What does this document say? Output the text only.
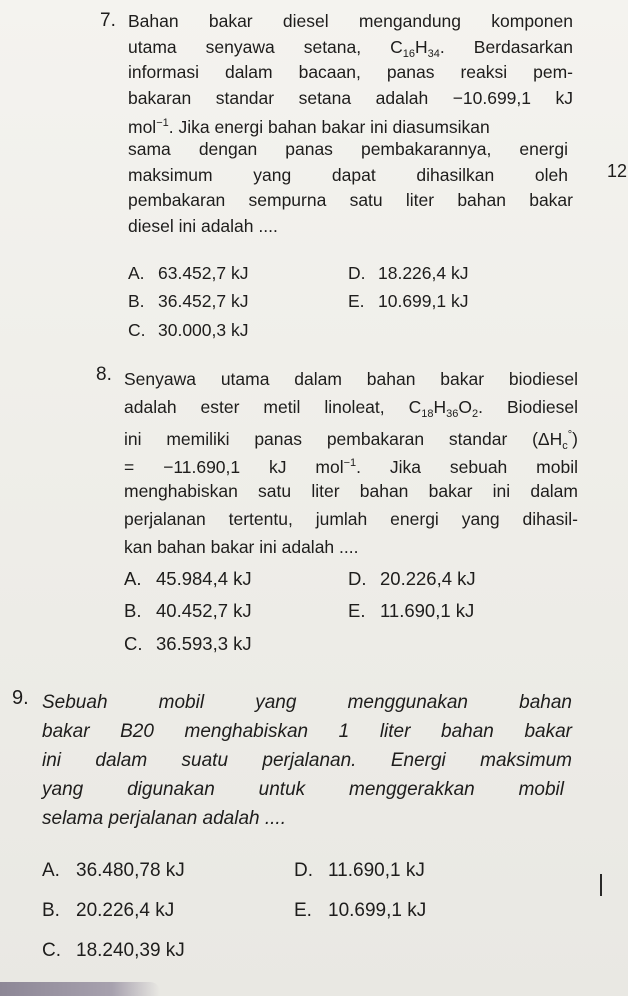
7. Bahan bakar diesel mengandung komponen
utama senyawa setana, $C_{16}H_{34}$. Berdasarkan
informasi dalam bacaan, panas reaksi pem-
bakaran standar setana adalah −10.699,1 kJ
mol$^{-1}$. Jika energi bahan bakar ini diasumsikan
sama dengan panas pembakarannya, energi
maksimum yang dapat dihasilkan oleh
pembakaran sempurna satu liter bahan bakar
diesel ini adalah ....
A. 63.452,7 kJ	D. 18.226,4 kJ
B. 36.452,7 kJ	E. 10.699,1 kJ
C. 30.000,3 kJ
12
8. Senyawa utama dalam bahan bakar biodiesel
adalah ester metil linoleat, $C_{18}H_{36}O_2$. Biodiesel
ini memiliki panas pembakaran standar $(\Delta H_c^\circ)$
= −11.690,1 kJ mol$^{-1}$. Jika sebuah mobil
menghabiskan satu liter bahan bakar ini dalam
perjalanan tertentu, jumlah energi yang dihasil-
kan bahan bakar ini adalah ....
A. 45.984,4 kJ	D. 20.226,4 kJ
B. 40.452,7 kJ	E. 11.690,1 kJ
C. 36.593,3 kJ
9. Sebuah mobil yang menggunakan bahan
bakar B20 menghabiskan 1 liter bahan bakar
ini dalam suatu perjalanan. Energi maksimum
yang digunakan untuk menggerakkan mobil
selama perjalanan adalah ....
A. 36.480,78 kJ	D. 11.690,1 kJ
B. 20.226,4 kJ	E. 10.699,1 kJ
C. 18.240,39 kJ
